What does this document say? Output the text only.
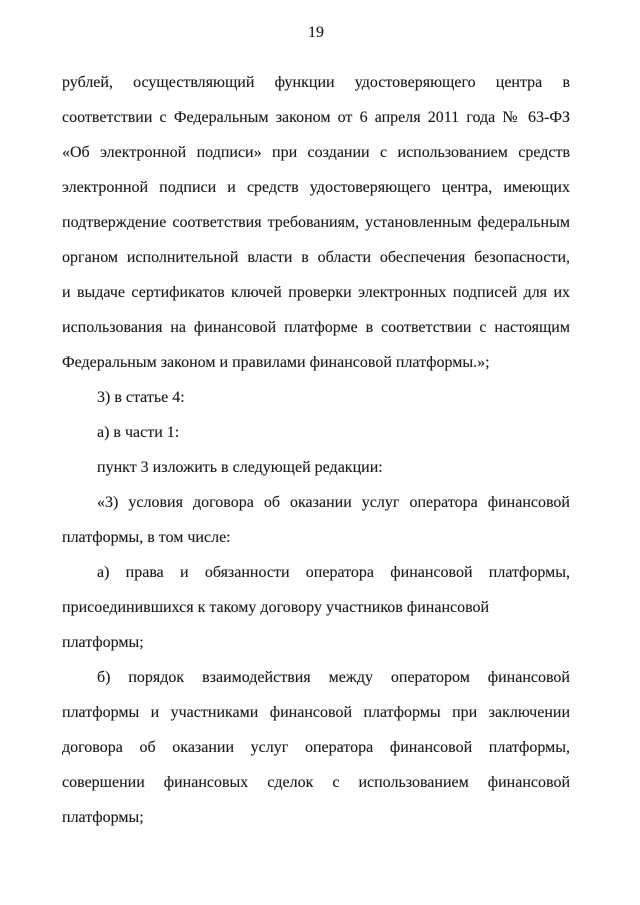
19
рублей, осуществляющий функции удостоверяющего центра в
соответствии с Федеральным законом от 6 апреля 2011 года № 63-ФЗ
«Об электронной подписи» при создании с использованием средств
электронной подписи и средств удостоверяющего центра, имеющих
подтверждение соответствия требованиям, установленным федеральным
органом исполнительной власти в области обеспечения безопасности,
и выдаче сертификатов ключей проверки электронных подписей для их
использования на финансовой платформе в соответствии с настоящим
Федеральным законом и правилами финансовой платформы.»;
3) в статье 4:
а) в части 1:
пункт 3 изложить в следующей редакции:
«3) условия договора об оказании услуг оператора финансовой
платформы, в том числе:
а) права и обязанности оператора финансовой платформы,
присоединившихся к такому договору участников финансовой платформы;
б) порядок взаимодействия между оператором финансовой
платформы и участниками финансовой платформы при заключении
договора об оказании услуг оператора финансовой платформы,
совершении финансовых сделок с использованием финансовой
платформы;
